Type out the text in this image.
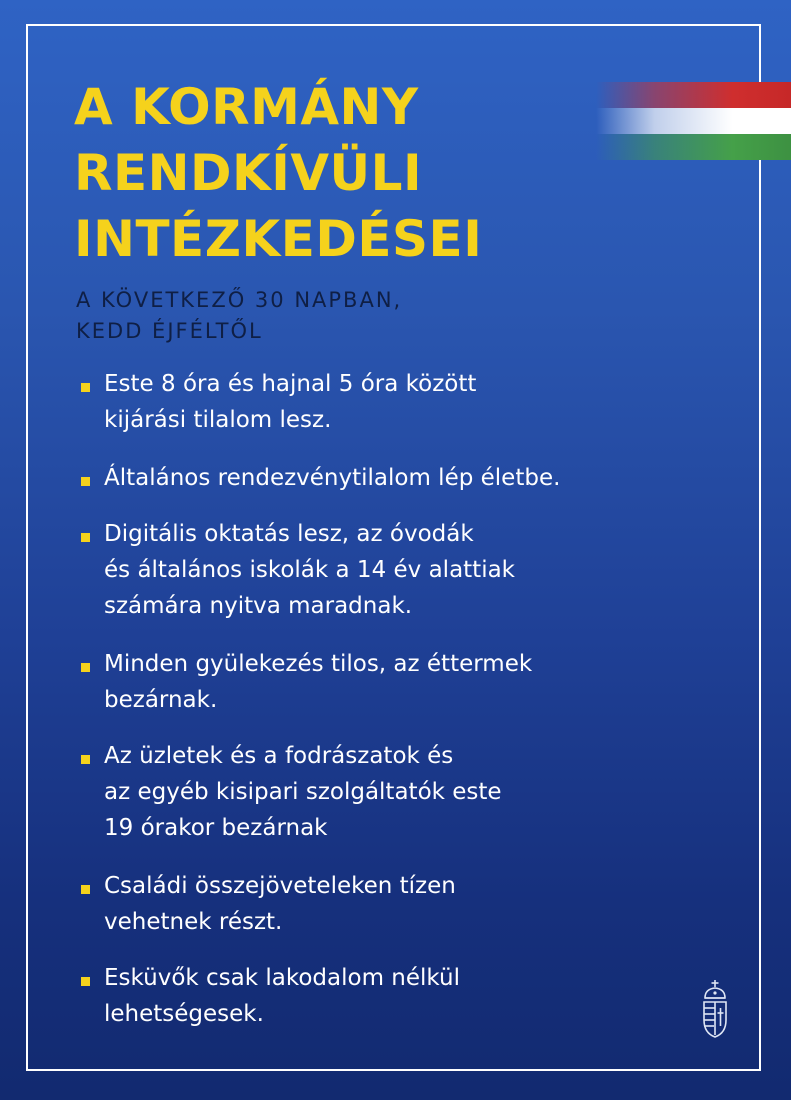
A KORMÁNY
RENDKÍVÜLI
INTÉZKEDÉSEI
A KÖVETKEZŐ 30 NAPBAN,
KEDD ÉJFÉLTŐL
Este 8 óra és hajnal 5 óra között
kijárási tilalom lesz.
Általános rendezvénytilalom lép életbe.
Digitális oktatás lesz, az óvodák
és általános iskolák a 14 év alattiak
számára nyitva maradnak.
Minden gyülekezés tilos, az éttermek
bezárnak.
Az üzletek és a fodrászatok és
az egyéb kisipari szolgáltatók este
19 órakor bezárnak
Családi összejöveteleken tízen
vehetnek részt.
Esküvők csak lakodalom nélkül
lehetségesek.
